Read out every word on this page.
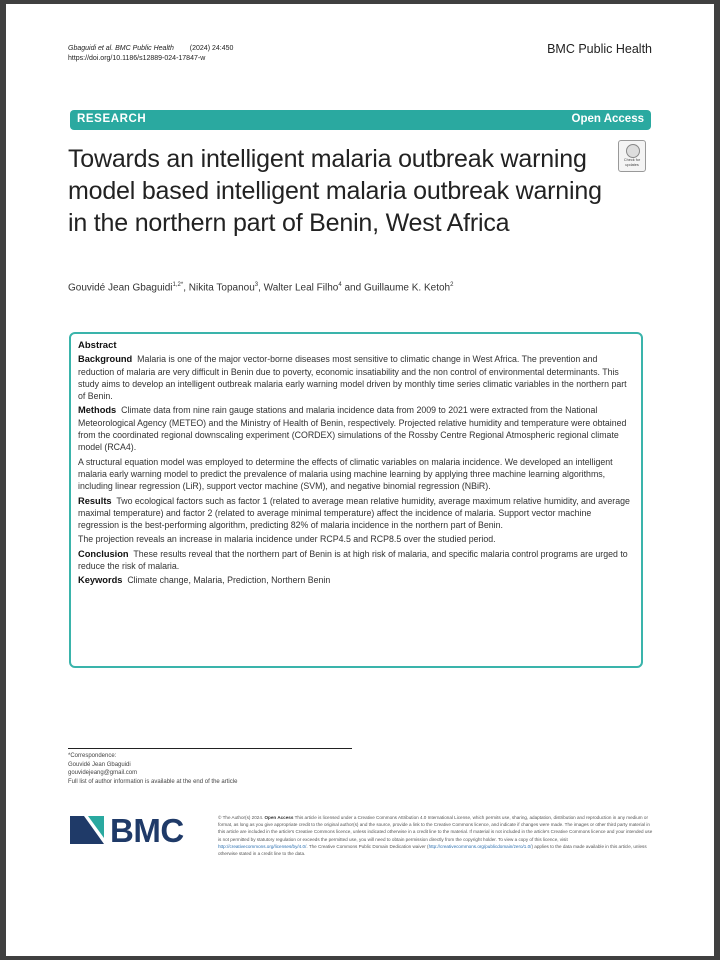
Gbaguidi et al. BMC Public Health (2024) 24:450
https://doi.org/10.1186/s12889-024-17847-w
BMC Public Health
RESEARCH	Open Access
Check for
updates
Towards an intelligent malaria outbreak warning model based intelligent malaria outbreak warning in the northern part of Benin, West Africa
Gouvidé Jean Gbaguidi$^{1,2*}$, Nikita Topanou$^3$, Walter Leal Filho$^4$ and Guillaume K. Ketoh$^2$

Abstract

Background Malaria is one of the major vector-borne diseases most sensitive to climatic change in West Africa. The prevention and reduction of malaria are very difficult in Benin due to poverty, economic insatiability and the non control of environmental determinants. This study aims to develop an intelligent outbreak malaria early warning model driven by monthly time series climatic variables in the northern part of Benin.

Methods Climate data from nine rain gauge stations and malaria incidence data from 2009 to 2021 were extracted from the National Meteorological Agency (METEO) and the Ministry of Health of Benin, respectively. Projected relative humidity and temperature were obtained from the coordinated regional downscaling experiment (CORDEX) simulations of the Rossby Centre Regional Atmospheric regional climate model (RCA4).

A structural equation model was employed to determine the effects of climatic variables on malaria incidence. We developed an intelligent malaria early warning model to predict the prevalence of malaria using machine learning by applying three machine learning algorithms, including linear regression (LiR), support vector machine (SVM), and negative binomial regression (NBiR).

Results Two ecological factors such as factor 1 (related to average mean relative humidity, average maximum relative humidity, and average maximal temperature) and factor 2 (related to average minimal temperature) affect the incidence of malaria. Support vector machine regression is the best-performing algorithm, predicting 82% of malaria incidence in the northern part of Benin.

The projection reveals an increase in malaria incidence under RCP4.5 and RCP8.5 over the studied period.

Conclusion These results reveal that the northern part of Benin is at high risk of malaria, and specific malaria control programs are urged to reduce the risk of malaria.

Keywords Climate change, Malaria, Prediction, Northern Benin

*Correspondence:
Gouvidé Jean Gbaguidi
gouvidejeang@gmail.com
Full list of author information is available at the end of the article
BMC	© The Author(s) 2024. Open Access This article is licensed under a Creative Commons Attribution 4.0 International License, which permits use, sharing, adaptation, distribution and reproduction in any medium or format, as long as you give appropriate credit to the original author(s) and the source, provide a link to the Creative Commons licence, and indicate if changes were made. The images or other third party material in this article are included in the article's Creative Commons licence, unless indicated otherwise in a credit line to the material. If material is not included in the article's Creative Commons licence and your intended use is not permitted by statutory regulation or exceeds the permitted use, you will need to obtain permission directly from the copyright holder. To view a copy of this licence, visit http://creativecommons.org/licenses/by/4.0/. The Creative Commons Public Domain Dedication waiver (http://creativecommons.org/publicdomain/zero/1.0/) applies to the data made available in this article, unless otherwise stated in a credit line to the data.
